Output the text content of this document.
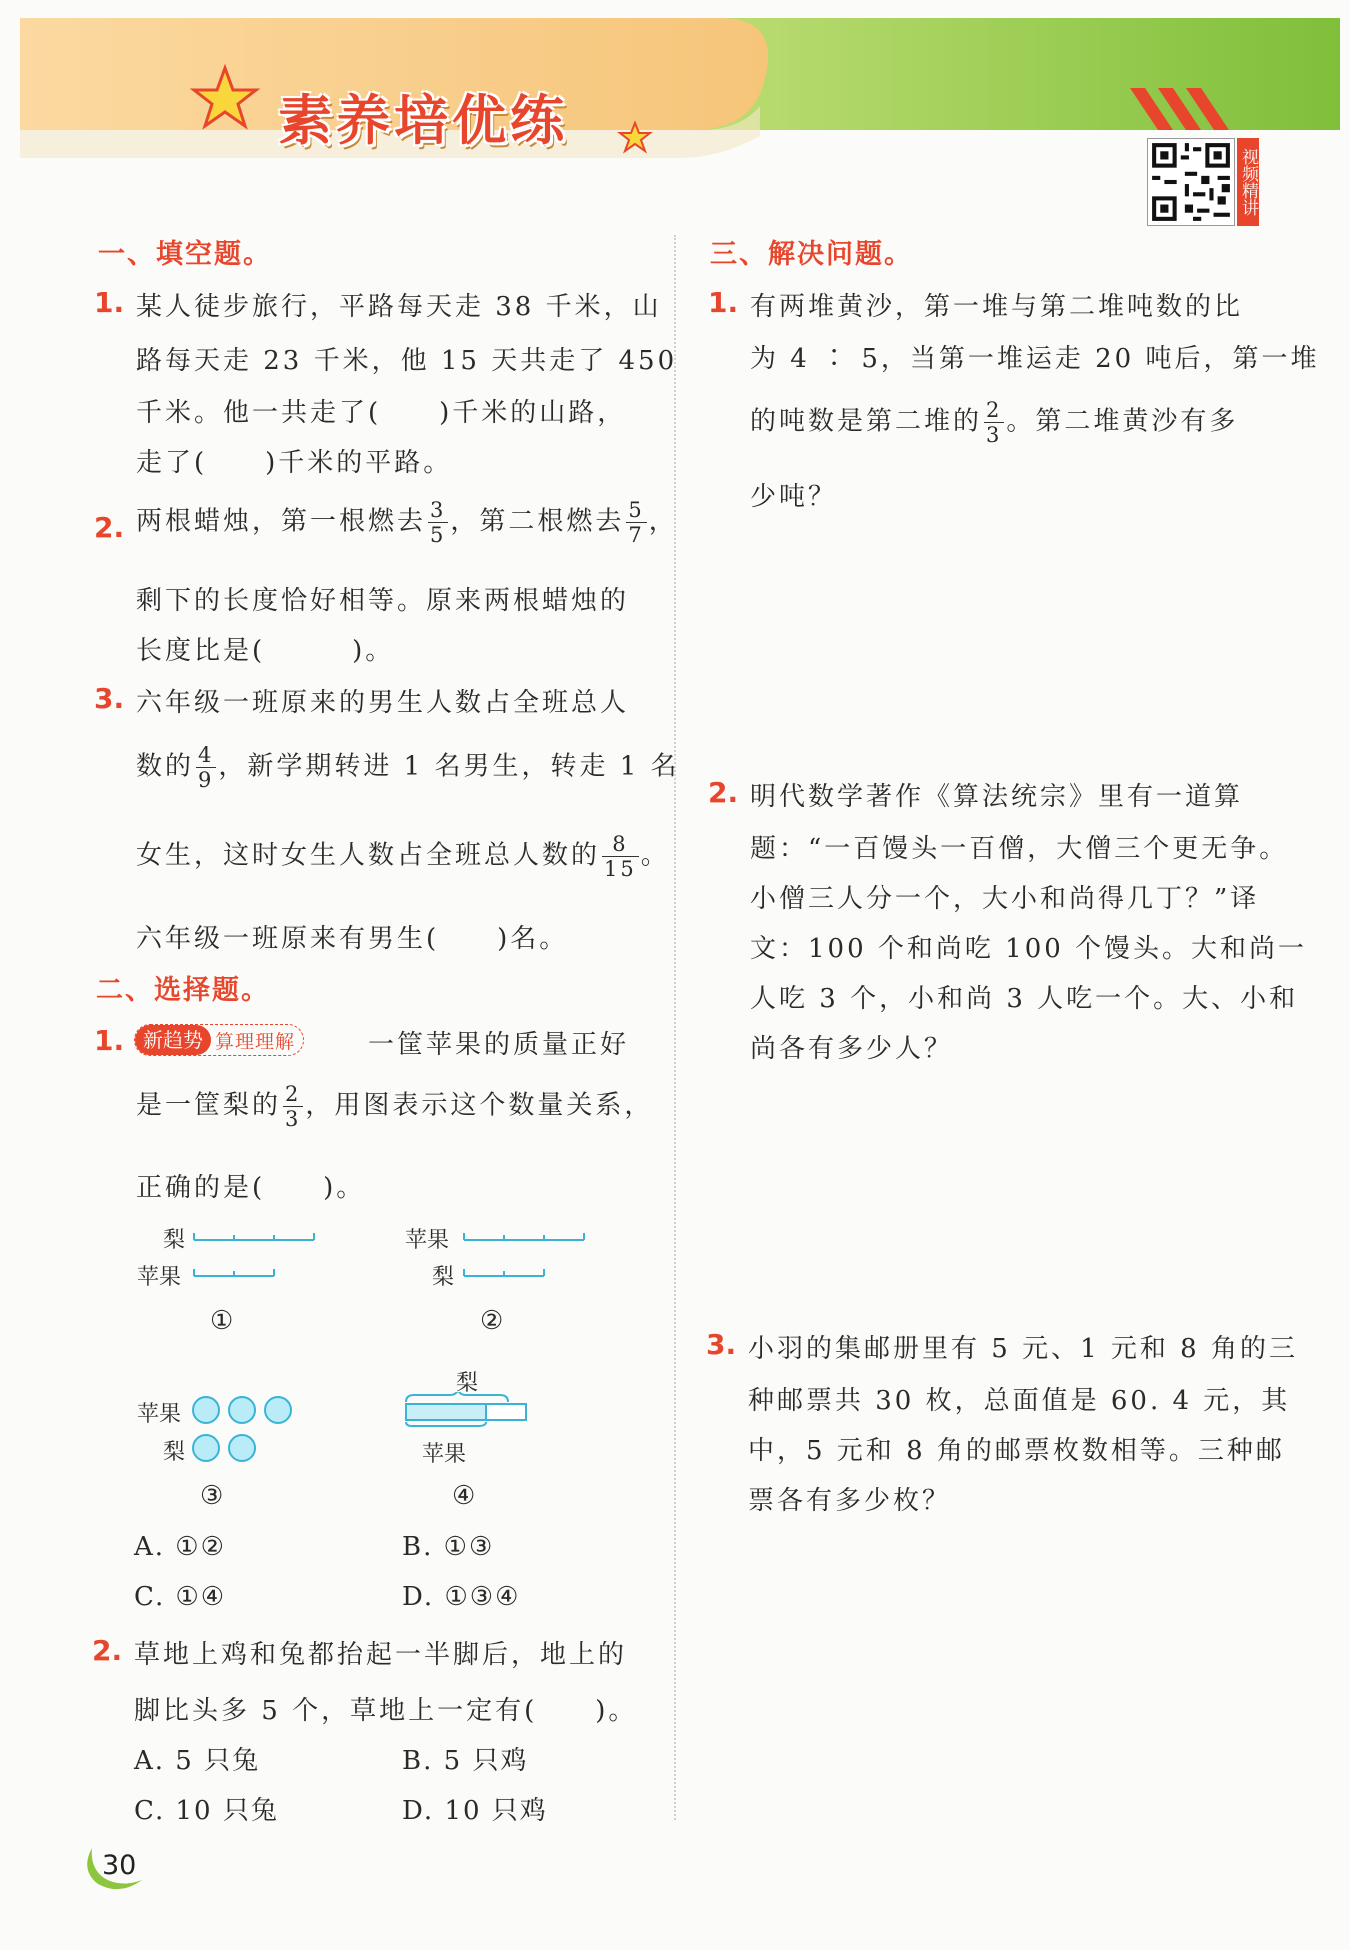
素养培优练
视频精讲
一、填空题。
1. 某人徒步旅行，平路每天走 38 千米，山
路每天走 23 千米，他 15 天共走了 450
千米。他一共走了(　　)千米的山路，
走了(　　)千米的平路。
2. 两根蜡烛，第一根燃去 $\frac{3}{5}$ ，第二根燃去 $\frac{5}{7}$ ，
剩下的长度恰好相等。原来两根蜡烛的
长度比是(　　　)。
3. 六年级一班原来的男生人数占全班总人
数的 $\frac{4}{9}$ ，新学期转进 1 名男生，转走 1 名
女生，这时女生人数占全班总人数的 $\frac{8}{15}$ 。
六年级一班原来有男生(　　)名。
二、选择题。
1. 新趋势 算理理解	一筐苹果的质量正好
是一筐梨的 $\frac{2}{3}$ ，用图表示这个数量关系，
正确的是(　　)。
梨
苹果
①
苹果
梨
②
苹果
梨
③
梨
苹果
④
A. ①②	B. ①③
C. ①④	D. ①③④
2. 草地上鸡和兔都抬起一半脚后，地上的
脚比头多 5 个，草地上一定有(　　)。
A. 5 只兔	B. 5 只鸡
C. 10 只兔	D. 10 只鸡
三、解决问题。
1. 有两堆黄沙，第一堆与第二堆吨数的比
为 4 ∶ 5，当第一堆运走 20 吨后，第一堆
的吨数是第二堆的 $\frac{2}{3}$ 。第二堆黄沙有多
少吨？
2. 明代数学著作《算法统宗》里有一道算
题：“一百馒头一百僧，大僧三个更无争。
小僧三人分一个，大小和尚得几丁？”译
文：100 个和尚吃 100 个馒头。大和尚一
人吃 3 个，小和尚 3 人吃一个。大、小和
尚各有多少人？
3. 小羽的集邮册里有 5 元、1 元和 8 角的三
种邮票共 30 枚，总面值是 60. 4 元，其
中，5 元和 8 角的邮票枚数相等。三种邮
票各有多少枚？
30
